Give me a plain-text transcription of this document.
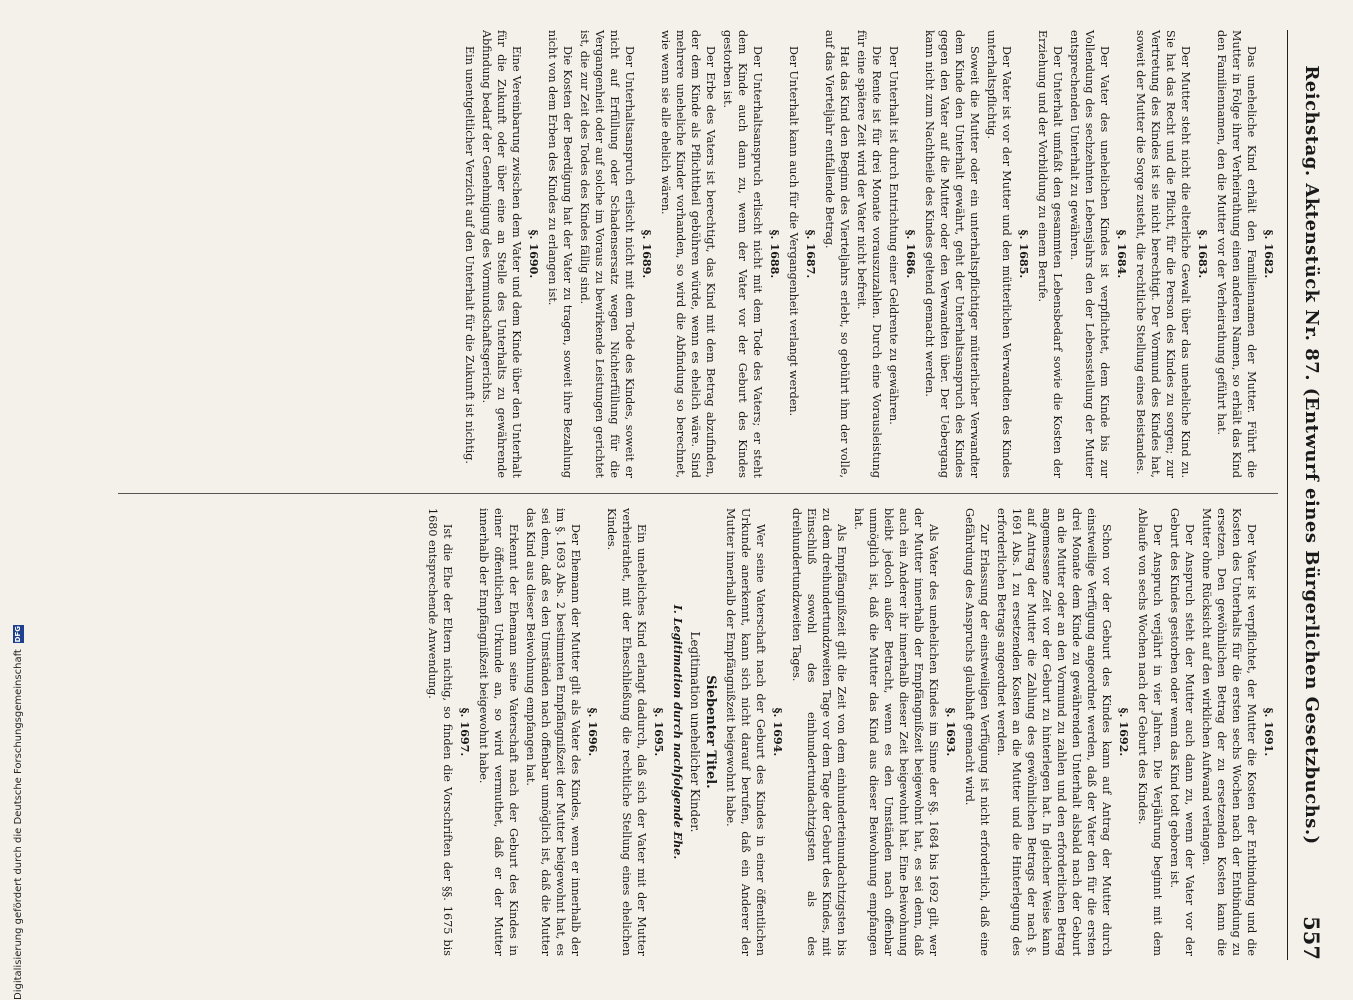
Reichstag. Aktenstück Nr. 87. (Entwurf eines Bürgerlichen Gesetzbuchs.)
557
§. 1682.

Das uneheliche Kind erhält den Familiennamen der Mutter. Führt die Mutter in Folge ihrer Verheirathung einen anderen Namen, so erhält das Kind den Familiennamen, den die Mutter vor der Verheirathung geführt hat.

§. 1683.

Der Mutter steht nicht die elterliche Gewalt über das uneheliche Kind zu. Sie hat das Recht und die Pflicht, für die Person des Kindes zu sorgen; zur Vertretung des Kindes ist sie nicht berechtigt. Der Vormund des Kindes hat, soweit der Mutter die Sorge zusteht, die rechtliche Stellung eines Beistandes.

§. 1684.

Der Vater des unehelichen Kindes ist verpflichtet, dem Kinde bis zur Vollendung des sechzehnten Lebensjahrs den der Lebensstellung der Mutter entsprechenden Unterhalt zu gewähren.

Der Unterhalt umfaßt den gesammten Lebensbedarf sowie die Kosten der Erziehung und der Vorbildung zu einem Berufe.

§. 1685.

Der Vater ist vor der Mutter und den mütterlichen Verwandten des Kindes unterhaltspflichtig.

Soweit die Mutter oder ein unterhaltspflichtiger mütterlicher Verwandter dem Kinde den Unterhalt gewährt, geht der Unterhaltsanspruch des Kindes gegen den Vater auf die Mutter oder den Verwandten über. Der Uebergang kann nicht zum Nachtheile des Kindes geltend gemacht werden.

§. 1686.

Der Unterhalt ist durch Entrichtung einer Geldrente zu gewähren.

Die Rente ist für drei Monate vorauszuzahlen. Durch eine Vorausleistung für eine spätere Zeit wird der Vater nicht befreit.

Hat das Kind den Beginn des Vierteljahrs erlebt, so gebührt ihm der volle, auf das Vierteljahr entfallende Betrag.

§. 1687.

Der Unterhalt kann auch für die Vergangenheit verlangt werden.

§. 1688.

Der Unterhaltsanspruch erlischt nicht mit dem Tode des Vaters; er steht dem Kinde auch dann zu, wenn der Vater vor der Geburt des Kindes gestorben ist.

Der Erbe des Vaters ist berechtigt, das Kind mit dem Betrag abzufinden, der dem Kinde als Pflichttheil gebühren würde, wenn es ehelich wäre. Sind mehrere uneheliche Kinder vorhanden, so wird die Abfindung so berechnet, wie wenn sie alle ehelich wären.

§. 1689.

Der Unterhaltsanspruch erlischt nicht mit dem Tode des Kindes, soweit er nicht auf Erfüllung oder Schadensersatz wegen Nichterfüllung für die Vergangenheit oder auf solche im Voraus zu bewirkende Leistungen gerichtet ist, die zur Zeit des Todes des Kindes fällig sind.

Die Kosten der Beerdigung hat der Vater zu tragen, soweit ihre Bezahlung nicht von dem Erben des Kindes zu erlangen ist.

§. 1690.

Eine Vereinbarung zwischen dem Vater und dem Kinde über den Unterhalt für die Zukunft oder über eine an Stelle des Unterhalts zu gewährende Abfindung bedarf der Genehmigung des Vormundschaftsgerichts.

Ein unentgeltlicher Verzicht auf den Unterhalt für die Zukunft ist nichtig.

§. 1691.

Der Vater ist verpflichtet, der Mutter die Kosten der Entbindung und die Kosten des Unterhalts für die ersten sechs Wochen nach der Entbindung zu ersetzen. Den gewöhnlichen Betrag der zu ersetzenden Kosten kann die Mutter ohne Rücksicht auf den wirklichen Aufwand verlangen.

Der Anspruch steht der Mutter auch dann zu, wenn der Vater vor der Geburt des Kindes gestorben oder wenn das Kind todt geboren ist.

Der Anspruch verjährt in vier Jahren. Die Verjährung beginnt mit dem Ablaufe von sechs Wochen nach der Geburt des Kindes.

§. 1692.

Schon vor der Geburt des Kindes kann auf Antrag der Mutter durch einstweilige Verfügung angeordnet werden, daß der Vater den für die ersten drei Monate dem Kinde zu gewährenden Unterhalt alsbald nach der Geburt an die Mutter oder an den Vormund zu zahlen und den erforderlichen Betrag angemessene Zeit vor der Geburt zu hinterlegen hat. In gleicher Weise kann auf Antrag der Mutter die Zahlung des gewöhnlichen Betrags der nach §. 1691 Abs. 1 zu ersetzenden Kosten an die Mutter und die Hinterlegung des erforderlichen Betrags angeordnet werden.

Zur Erlassung der einstweiligen Verfügung ist nicht erforderlich, daß eine Gefährdung des Anspruchs glaubhaft gemacht wird.

§. 1693.

Als Vater des unehelichen Kindes im Sinne der §§. 1684 bis 1692 gilt, wer der Mutter innerhalb der Empfängnißzeit beigewohnt hat, es sei denn, daß auch ein Anderer ihr innerhalb dieser Zeit beigewohnt hat. Eine Beiwohnung bleibt jedoch außer Betracht, wenn es den Umständen nach offenbar unmöglich ist, daß die Mutter das Kind aus dieser Beiwohnung empfangen hat.

Als Empfängnißzeit gilt die Zeit von dem einhunderteinundachtzigsten bis zu dem dreihundertundzweiten Tage vor dem Tage der Geburt des Kindes, mit Einschluß sowohl des einhundertundachtzigsten als des dreihundertundzweiten Tages.

§. 1694.

Wer seine Vaterschaft nach der Geburt des Kindes in einer öffentlichen Urkunde anerkennt, kann sich nicht darauf berufen, daß ein Anderer der Mutter innerhalb der Empfängnißzeit beigewohnt habe.

Siebenter Titel.
Legitimation unehelicher Kinder.
I. Legitimation durch nachfolgende Ehe.
§. 1695.

Ein uneheliches Kind erlangt dadurch, daß sich der Vater mit der Mutter verheirathet, mit der Eheschließung die rechtliche Stellung eines ehelichen Kindes.

§. 1696.

Der Ehemann der Mutter gilt als Vater des Kindes, wenn er innerhalb der im §. 1693 Abs. 2 bestimmten Empfängnißzeit der Mutter beigewohnt hat, es sei denn, daß es den Umständen nach offenbar unmöglich ist, daß die Mutter das Kind aus dieser Beiwohnung empfangen hat.

Erkennt der Ehemann seine Vaterschaft nach der Geburt des Kindes in einer öffentlichen Urkunde an, so wird vermuthet, daß er der Mutter innerhalb der Empfängnißzeit beigewohnt habe.

§. 1697.

Ist die Ehe der Eltern nichtig, so finden die Vorschriften der §§. 1675 bis 1680 entsprechende Anwendung.

Digitalisierung gefördert durch die Deutsche ForschungsgemeinschaftDFG
